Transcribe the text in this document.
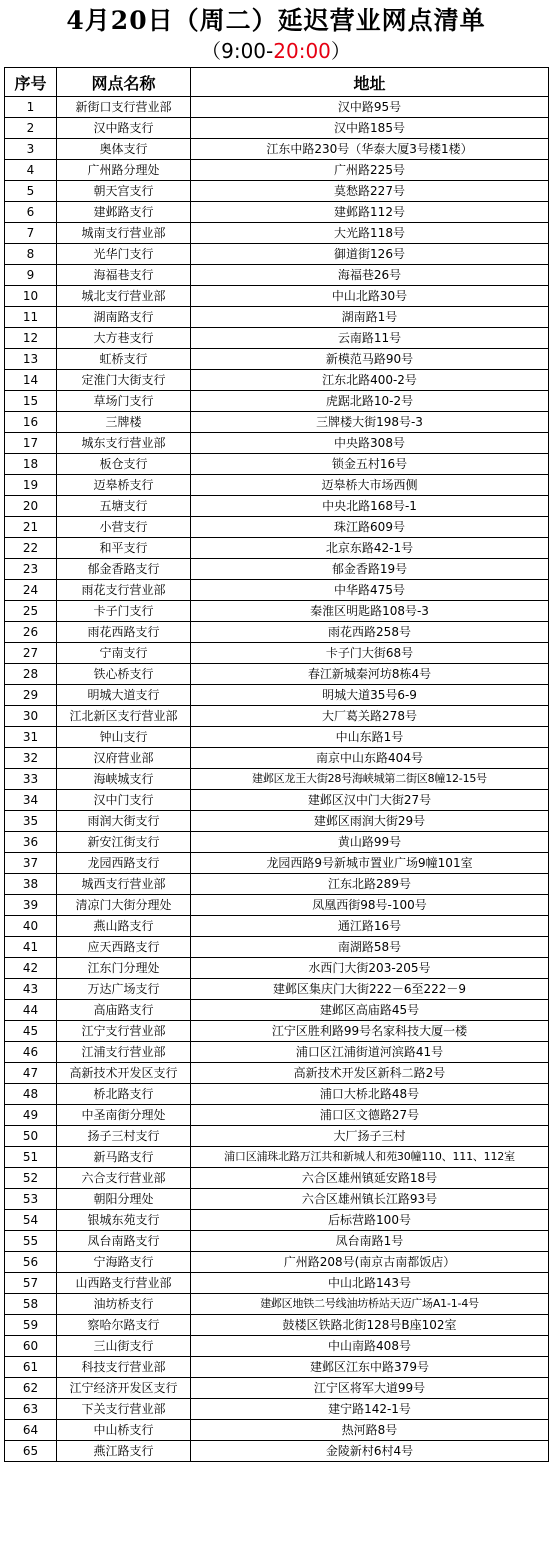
4月20日（周二）延迟营业网点清单
（9:00-20:00）
序号	网点名称	地址
1	新街口支行营业部	汉中路95号
2	汉中路支行	汉中路185号
3	奥体支行	江东中路230号（华泰大厦3号楼1楼）
4	广州路分理处	广州路225号
5	朝天宫支行	莫愁路227号
6	建邺路支行	建邺路112号
7	城南支行营业部	大光路118号
8	光华门支行	御道街126号
9	海福巷支行	海福巷26号
10	城北支行营业部	中山北路30号
11	湖南路支行	湖南路1号
12	大方巷支行	云南路11号
13	虹桥支行	新模范马路90号
14	定淮门大街支行	江东北路400-2号
15	草场门支行	虎踞北路10-2号
16	三牌楼	三牌楼大街198号-3
17	城东支行营业部	中央路308号
18	板仓支行	锁金五村16号
19	迈皋桥支行	迈皋桥大市场西侧
20	五塘支行	中央北路168号-1
21	小营支行	珠江路609号
22	和平支行	北京东路42-1号
23	郁金香路支行	郁金香路19号
24	雨花支行营业部	中华路475号
25	卡子门支行	秦淮区明匙路108号-3
26	雨花西路支行	雨花西路258号
27	宁南支行	卡子门大街68号
28	铁心桥支行	春江新城秦河坊8栋4号
29	明城大道支行	明城大道35号6-9
30	江北新区支行营业部	大厂葛关路278号
31	钟山支行	中山东路1号
32	汉府营业部	南京中山东路404号
33	海峡城支行	建邺区龙王大街28号海峡城第二街区8幢12-15号
34	汉中门支行	建邺区汉中门大街27号
35	雨润大街支行	建邺区雨润大街29号
36	新安江街支行	黄山路99号
37	龙园西路支行	龙园西路9号新城市置业广场9幢101室
38	城西支行营业部	江东北路289号
39	清凉门大街分理处	凤凰西街98号-100号
40	燕山路支行	通江路16号
41	应天西路支行	南湖路58号
42	江东门分理处	水西门大街203-205号
43	万达广场支行	建邺区集庆门大街222－6至222－9
44	高庙路支行	建邺区高庙路45号
45	江宁支行营业部	江宁区胜利路99号名家科技大厦一楼
46	江浦支行营业部	浦口区江浦街道河滨路41号
47	高新技术开发区支行	高新技术开发区新科二路2号
48	桥北路支行	浦口大桥北路48号
49	中圣南街分理处	浦口区文德路27号
50	扬子三村支行	大厂扬子三村
51	新马路支行	浦口区浦珠北路万江共和新城人和苑30幢110、111、112室
52	六合支行营业部	六合区雄州镇延安路18号
53	朝阳分理处	六合区雄州镇长江路93号
54	银城东苑支行	后标营路100号
55	凤台南路支行	凤台南路1号
56	宁海路支行	广州路208号(南京古南都饭店）
57	山西路支行营业部	中山北路143号
58	油坊桥支行	建邺区地铁二号线油坊桥站天迈广场A1-1-4号
59	察哈尔路支行	鼓楼区铁路北街128号B座102室
60	三山街支行	中山南路408号
61	科技支行营业部	建邺区江东中路379号
62	江宁经济开发区支行	江宁区将军大道99号
63	下关支行营业部	建宁路142-1号
64	中山桥支行	热河路8号
65	燕江路支行	金陵新村6村4号
